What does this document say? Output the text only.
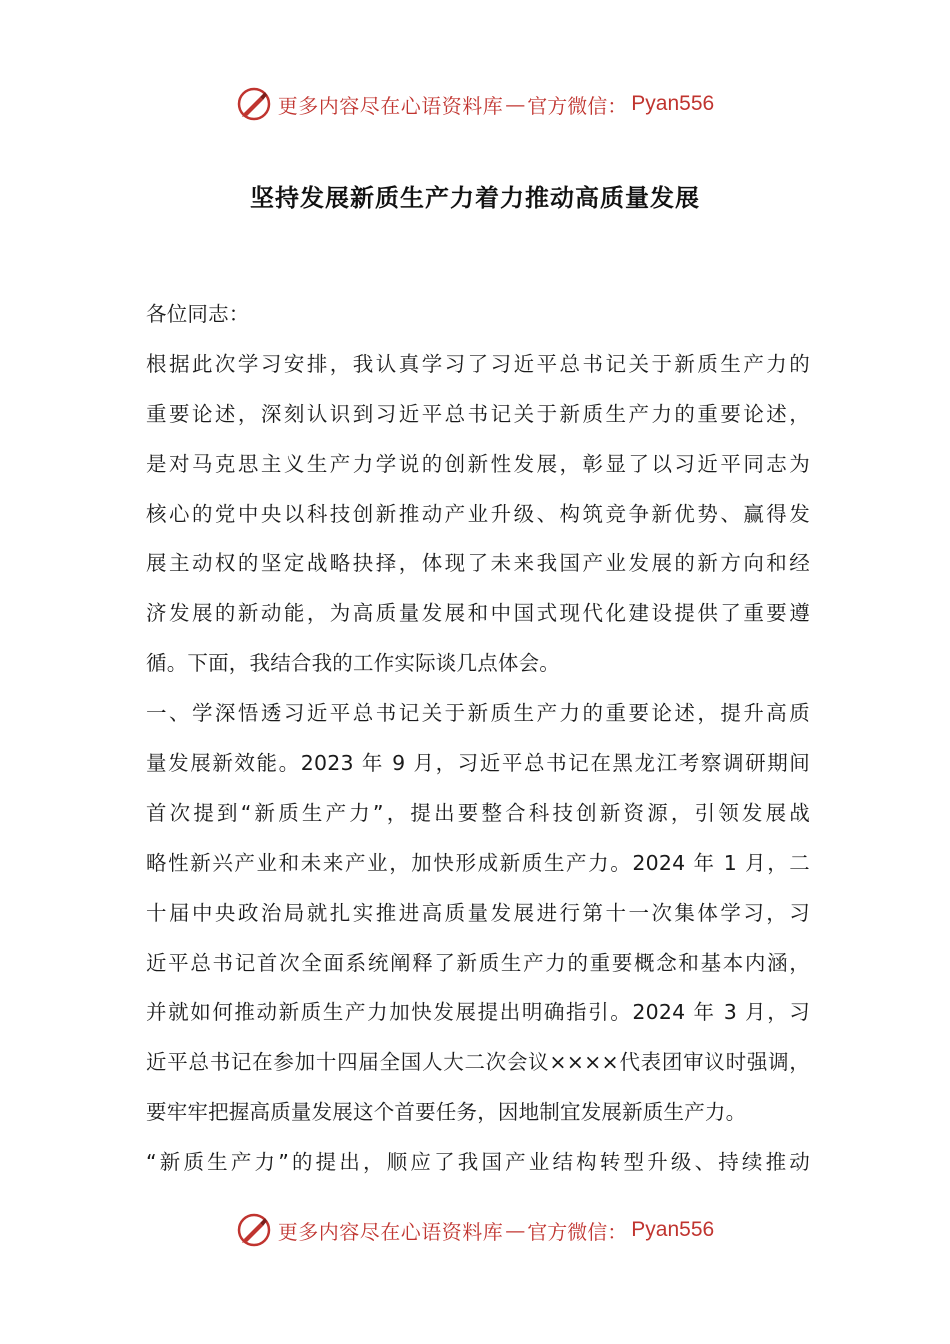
更多内容尽在心语资料库 — 官方微信： Pyan556
坚持发展新质生产力着力推动高质量发展
各位同志：
根据此次学习安排，我认真学习了习近平总书记关于新质生产力的
重要论述，深刻认识到习近平总书记关于新质生产力的重要论述，
是对马克思主义生产力学说的创新性发展，彰显了以习近平同志为
核心的党中央以科技创新推动产业升级、构筑竞争新优势、赢得发
展主动权的坚定战略抉择，体现了未来我国产业发展的新方向和经
济发展的新动能，为高质量发展和中国式现代化建设提供了重要遵
循。下面，我结合我的工作实际谈几点体会。
一、学深悟透习近平总书记关于新质生产力的重要论述，提升高质
量发展新效能。2023 年 9 月，习近平总书记在黑龙江考察调研期间
首次提到“新质生产力”，提出要整合科技创新资源，引领发展战
略性新兴产业和未来产业，加快形成新质生产力。2024 年 1 月，二
十届中央政治局就扎实推进高质量发展进行第十一次集体学习，习
近平总书记首次全面系统阐释了新质生产力的重要概念和基本内涵，
并就如何推动新质生产力加快发展提出明确指引。2024 年 3 月，习
近平总书记在参加十四届全国人大二次会议××××代表团审议时强调，
要牢牢把握高质量发展这个首要任务，因地制宜发展新质生产力。
“新质生产力”的提出，顺应了我国产业结构转型升级、持续推动
更多内容尽在心语资料库 — 官方微信： Pyan556
